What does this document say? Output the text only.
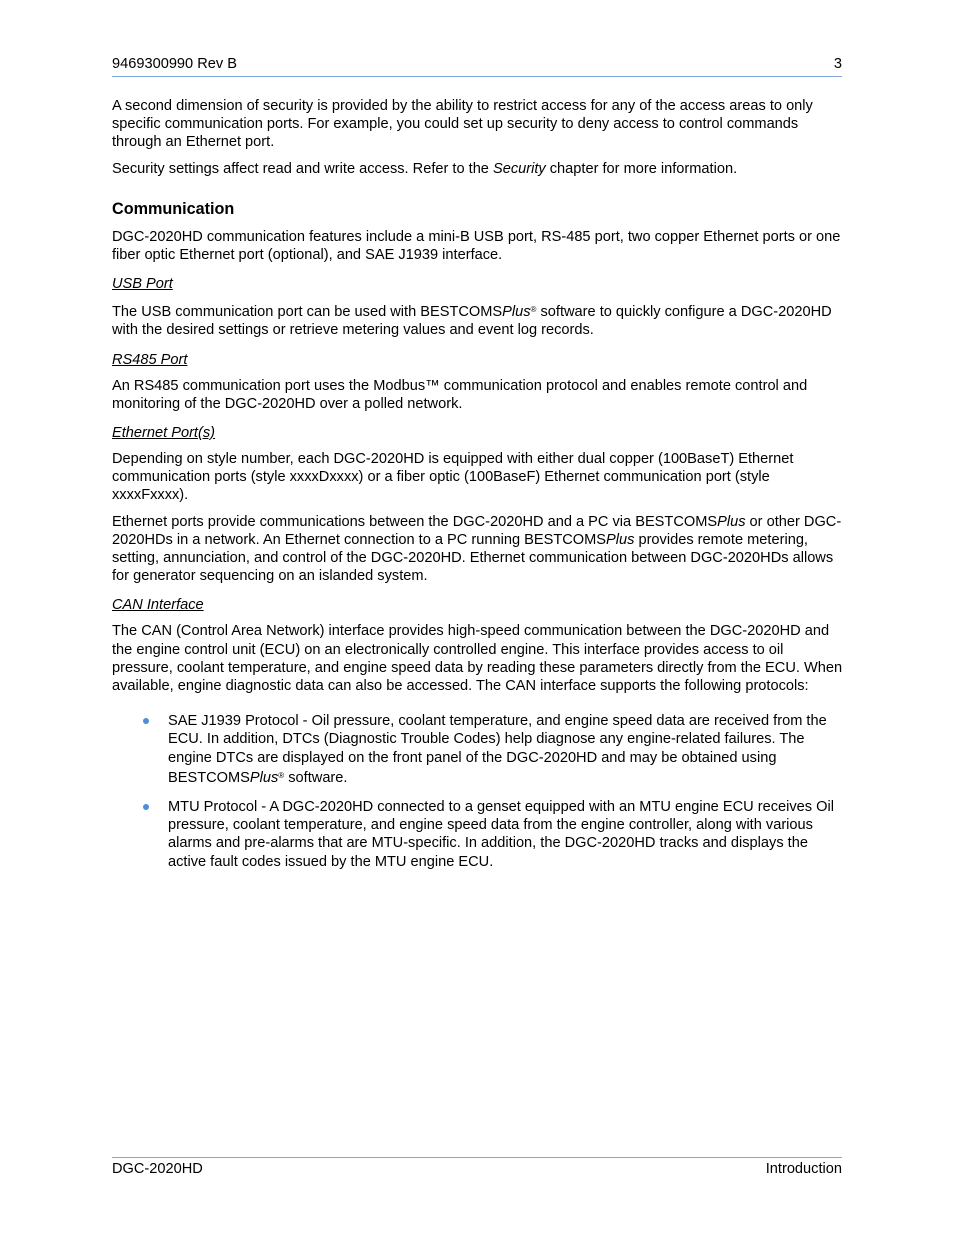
9469300990 Rev B	3

A second dimension of security is provided by the ability to restrict access for any of the access areas to only specific communication ports. For example, you could set up security to deny access to control commands through an Ethernet port.

Security settings affect read and write access. Refer to the Security chapter for more information.

Communication

DGC-2020HD communication features include a mini-B USB port, RS-485 port, two copper Ethernet ports or one fiber optic Ethernet port (optional), and SAE J1939 interface.

USB Port

The USB communication port can be used with BESTCOMSPlus® software to quickly configure a DGC-2020HD with the desired settings or retrieve metering values and event log records.

RS485 Port

An RS485 communication port uses the Modbus™ communication protocol and enables remote control and monitoring of the DGC-2020HD over a polled network.

Ethernet Port(s)

Depending on style number, each DGC-2020HD is equipped with either dual copper (100BaseT) Ethernet communication ports (style xxxxDxxxx) or a fiber optic (100BaseF) Ethernet communication port (style xxxxFxxxx).

Ethernet ports provide communications between the DGC-2020HD and a PC via BESTCOMSPlus or other DGC-2020HDs in a network. An Ethernet connection to a PC running BESTCOMSPlus provides remote metering, setting, annunciation, and control of the DGC-2020HD. Ethernet communication between DGC-2020HDs allows for generator sequencing on an islanded system.

CAN Interface

The CAN (Control Area Network) interface provides high-speed communication between the DGC-2020HD and the engine control unit (ECU) on an electronically controlled engine. This interface provides access to oil pressure, coolant temperature, and engine speed data by reading these parameters directly from the ECU. When available, engine diagnostic data can also be accessed. The CAN interface supports the following protocols:

SAE J1939 Protocol - Oil pressure, coolant temperature, and engine speed data are received from the ECU. In addition, DTCs (Diagnostic Trouble Codes) help diagnose any engine-related failures. The engine DTCs are displayed on the front panel of the DGC-2020HD and may be obtained using BESTCOMSPlus® software.
MTU Protocol - A DGC-2020HD connected to a genset equipped with an MTU engine ECU receives Oil pressure, coolant temperature, and engine speed data from the engine controller, along with various alarms and pre-alarms that are MTU-specific. In addition, the DGC-2020HD tracks and displays the active fault codes issued by the MTU engine ECU.
DGC-2020HD	Introduction
